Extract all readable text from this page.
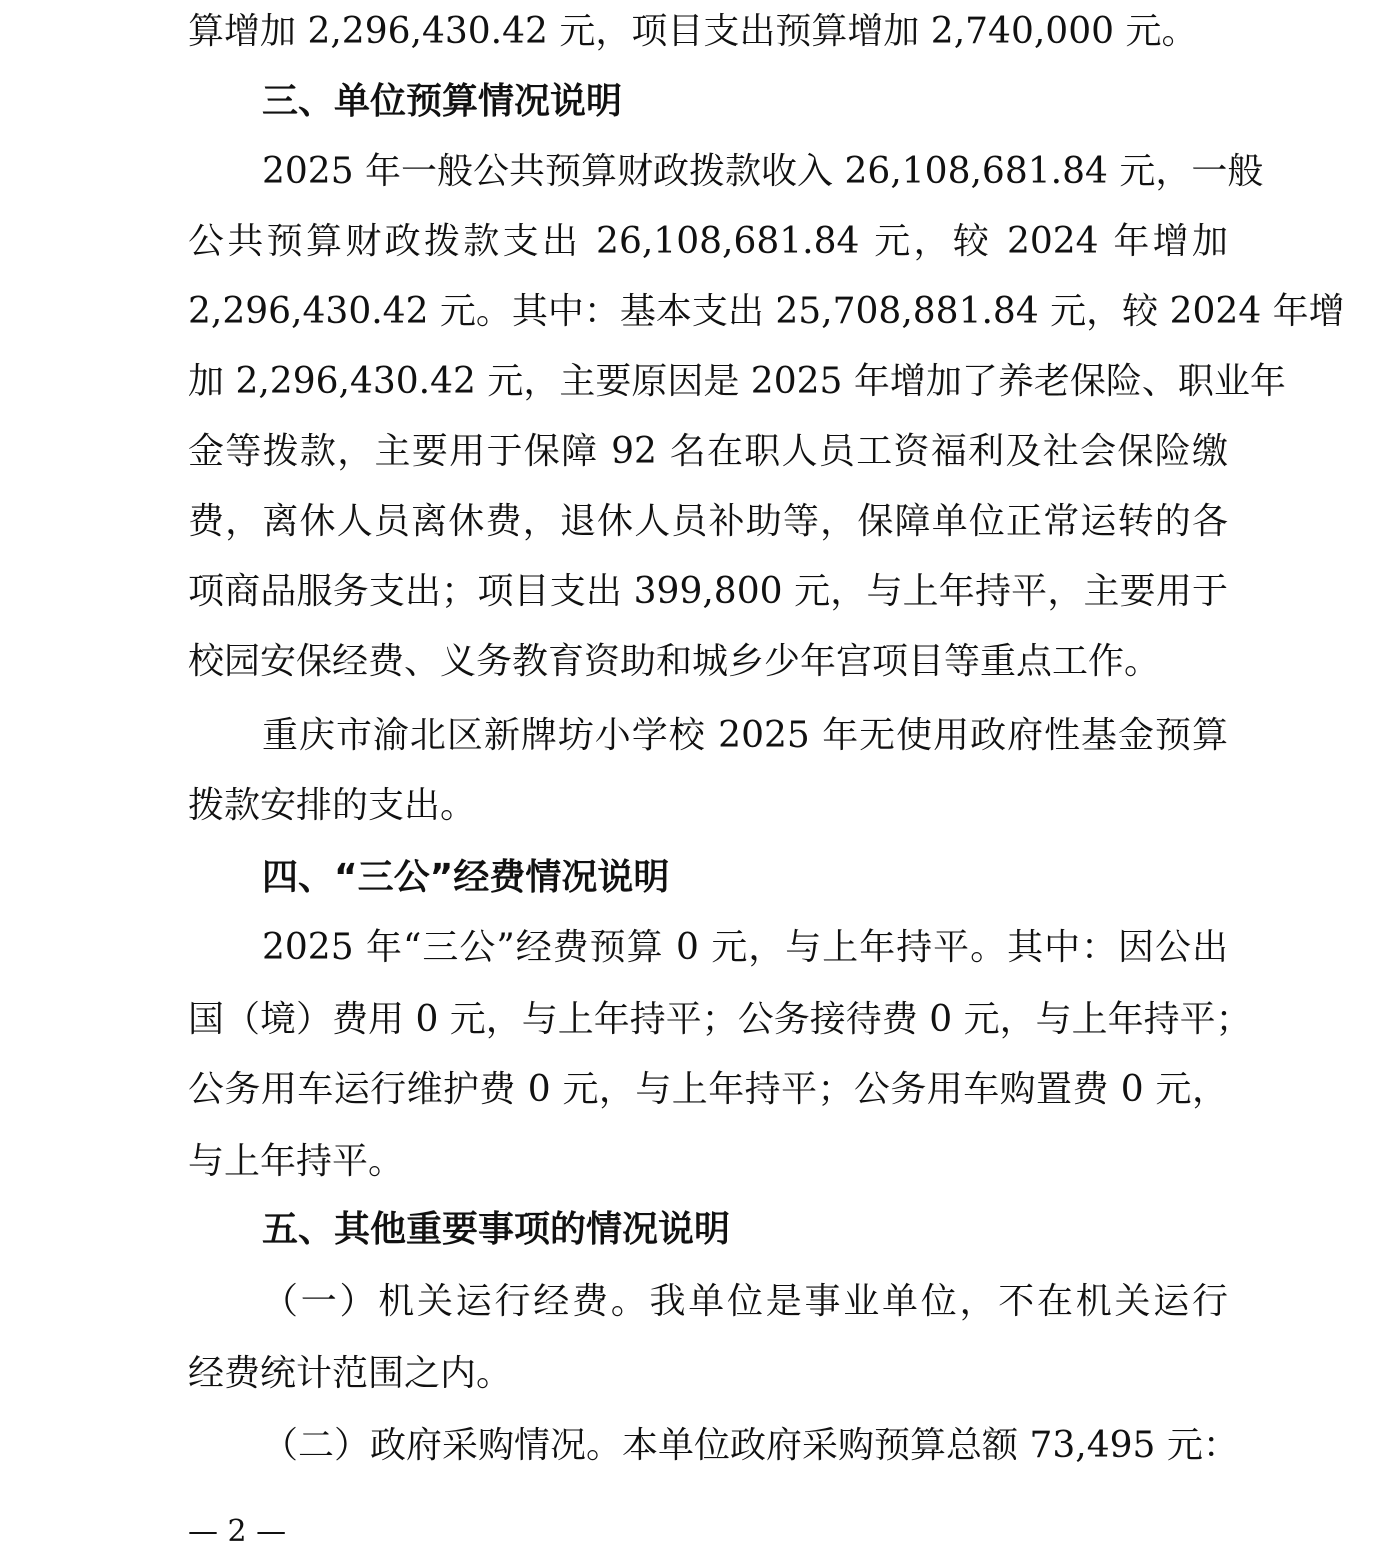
算增加 2,296,430.42 元，项目支出预算增加 2,740,000 元。
三、单位预算情况说明
2025 年一般公共预算财政拨款收入 26,108,681.84 元，一般
公共预算财政拨款支出 26,108,681.84 元，较 2024 年增加
2,296,430.42 元。其中：基本支出 25,708,881.84 元，较 2024 年增
加 2,296,430.42 元，主要原因是 2025 年增加了养老保险、职业年
金等拨款，主要用于保障 92 名在职人员工资福利及社会保险缴
费，离休人员离休费，退休人员补助等，保障单位正常运转的各
项商品服务支出；项目支出 399,800 元，与上年持平，主要用于
校园安保经费、义务教育资助和城乡少年宫项目等重点工作。
重庆市渝北区新牌坊小学校 2025 年无使用政府性基金预算
拨款安排的支出。
四、“三公”经费情况说明
2025 年“三公”经费预算 0 元，与上年持平。其中：因公出
国（境）费用 0 元，与上年持平；公务接待费 0 元，与上年持平；
公务用车运行维护费 0 元，与上年持平；公务用车购置费 0 元，
与上年持平。
五、其他重要事项的情况说明
（一）机关运行经费。我单位是事业单位，不在机关运行
经费统计范围之内。
（二）政府采购情况。本单位政府采购预算总额 73,495 元：
— 2 —
